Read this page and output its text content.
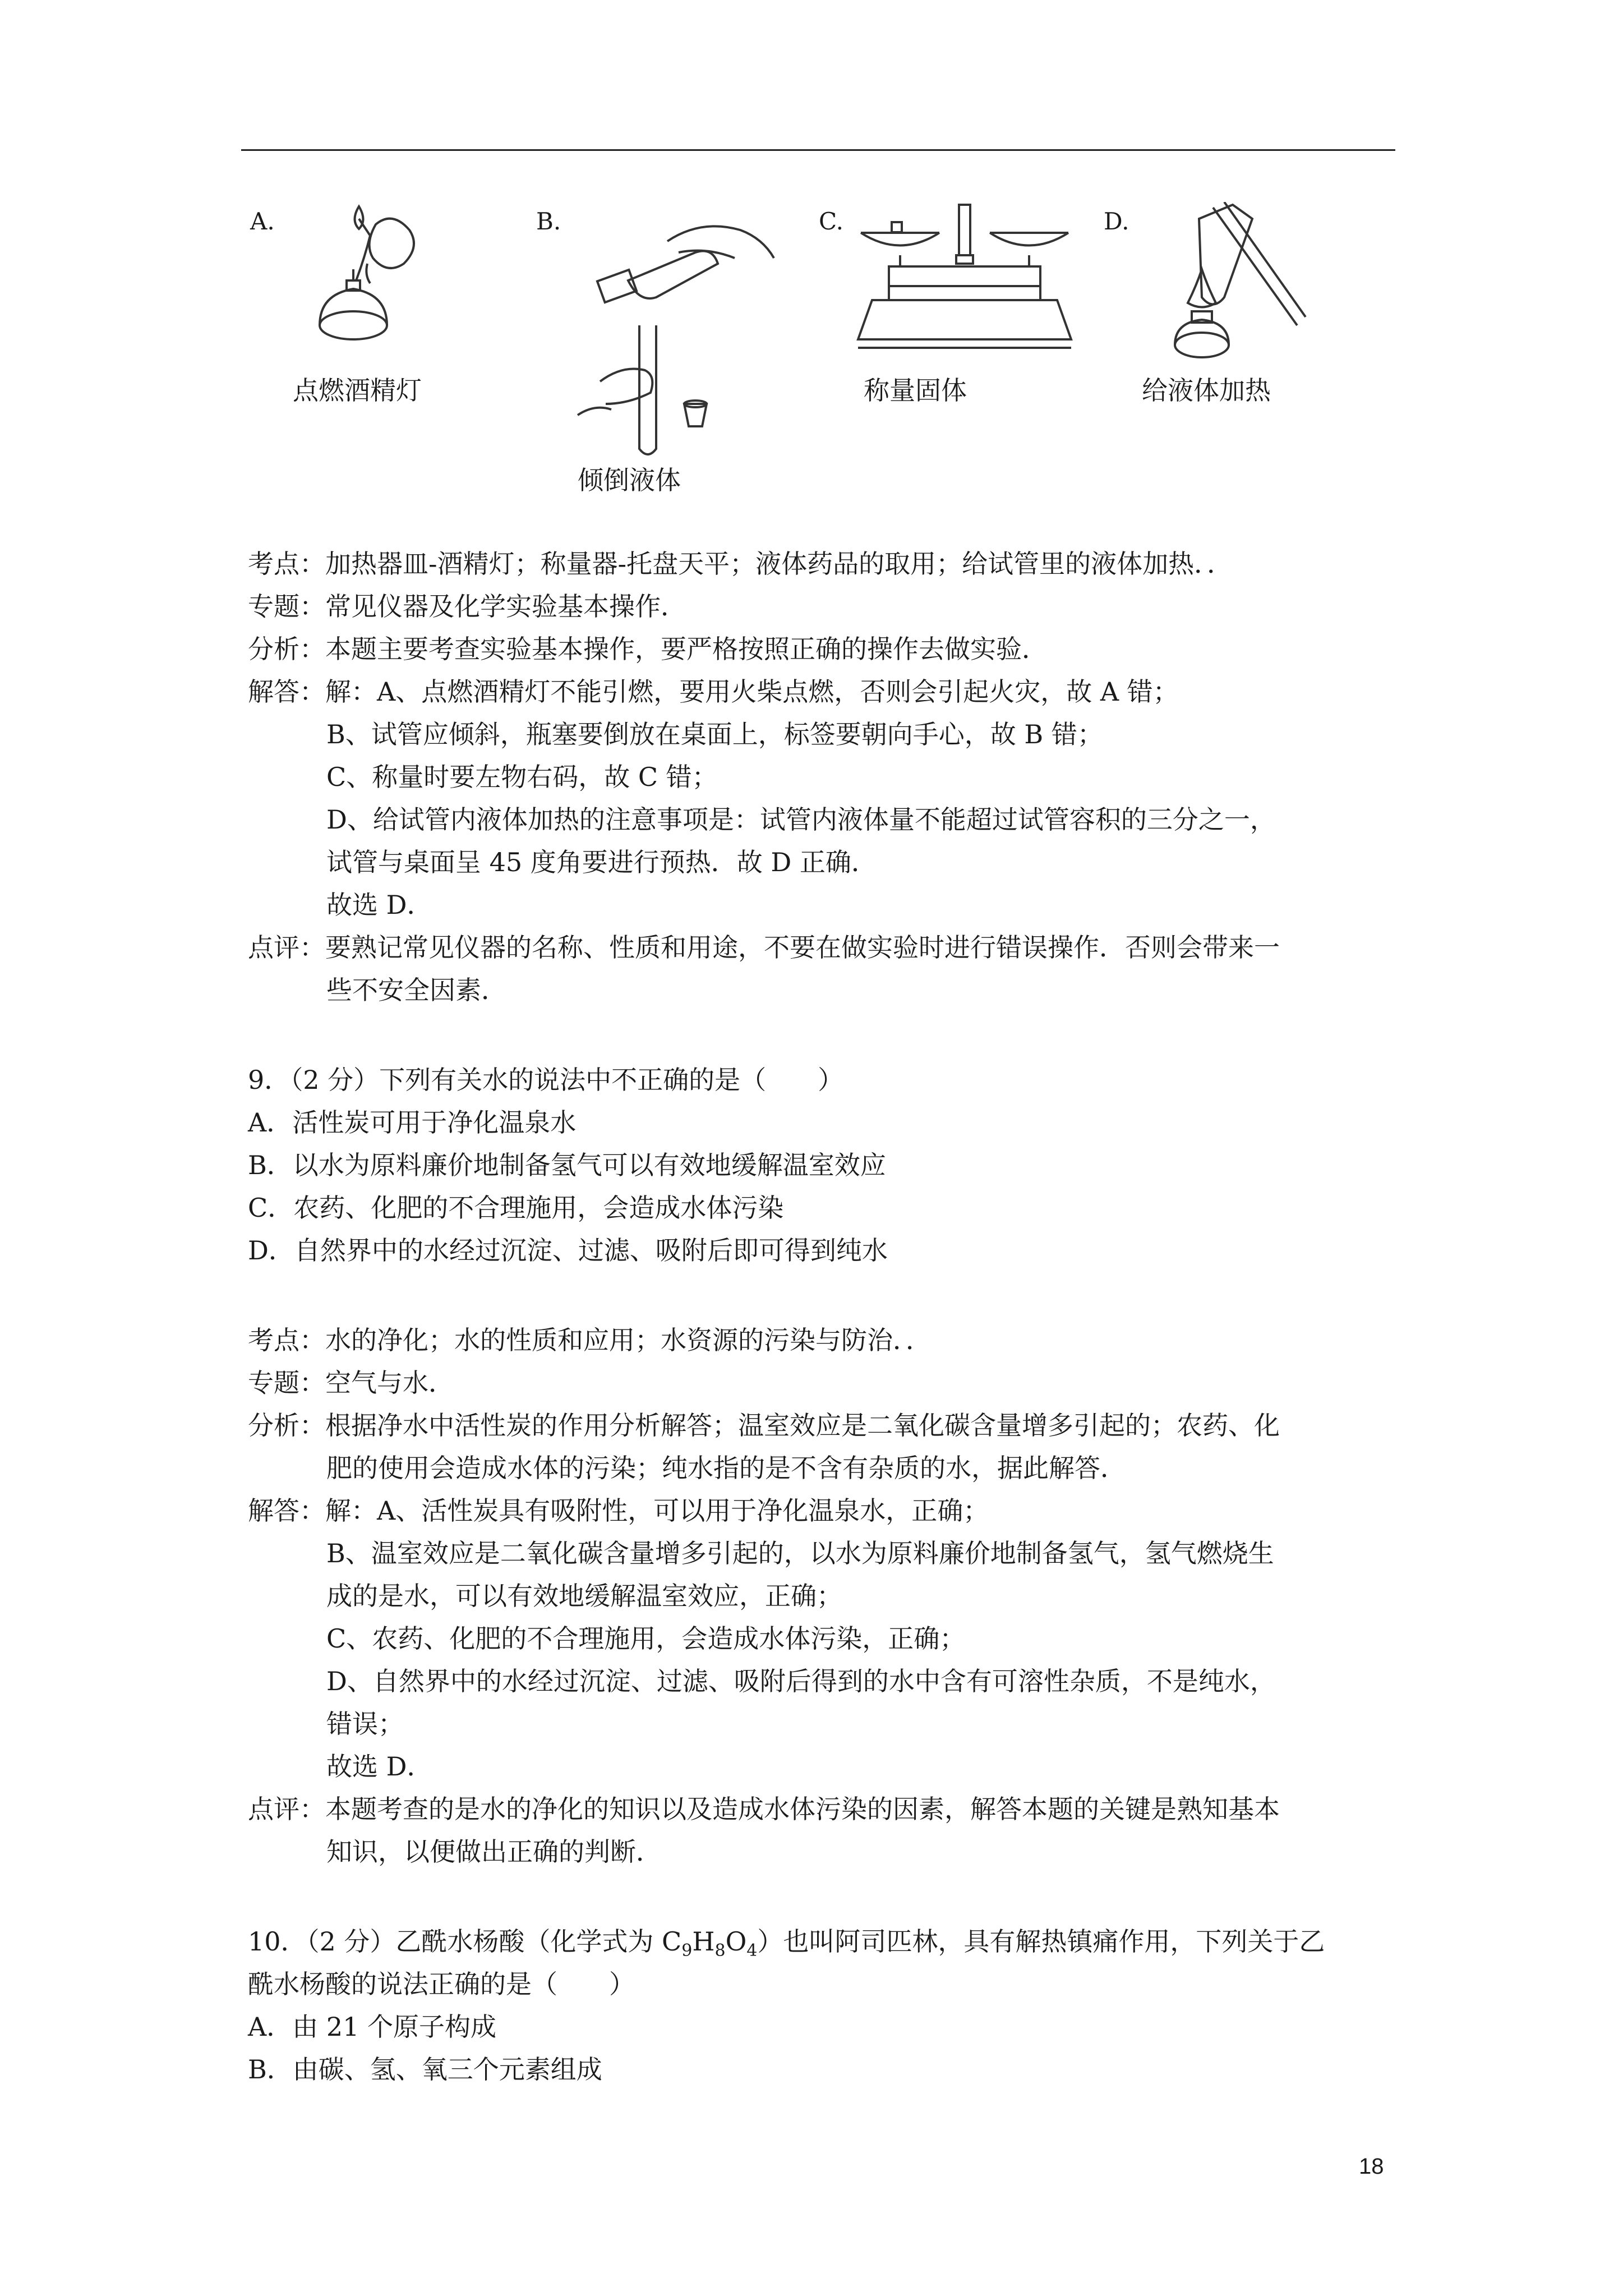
A.
点燃酒精灯
B.
倾倒液体
C.
称量固体
D.
给液体加热
考点：加热器皿-酒精灯；称量器-托盘天平；液体药品的取用；给试管里的液体加热．．
专题：常见仪器及化学实验基本操作．
分析：本题主要考查实验基本操作，要严格按照正确的操作去做实验．
解答：解：A、点燃酒精灯不能引燃，要用火柴点燃，否则会引起火灾，故 A 错；
B、试管应倾斜，瓶塞要倒放在桌面上，标签要朝向手心，故 B 错；
C、称量时要左物右码，故 C 错；
D、给试管内液体加热的注意事项是：试管内液体量不能超过试管容积的三分之一，
试管与桌面呈 45 度角要进行预热．故 D 正确．
故选 D．
点评：要熟记常见仪器的名称、性质和用途，不要在做实验时进行错误操作．否则会带来一
些不安全因素．
9．（2 分）下列有关水的说法中不正确的是（　　）
A．活性炭可用于净化温泉水
B．以水为原料廉价地制备氢气可以有效地缓解温室效应
C．农药、化肥的不合理施用，会造成水体污染
D．自然界中的水经过沉淀、过滤、吸附后即可得到纯水
考点：水的净化；水的性质和应用；水资源的污染与防治．．
专题：空气与水．
分析：根据净水中活性炭的作用分析解答；温室效应是二氧化碳含量增多引起的；农药、化
肥的使用会造成水体的污染；纯水指的是不含有杂质的水，据此解答．
解答：解：A、活性炭具有吸附性，可以用于净化温泉水，正确；
B、温室效应是二氧化碳含量增多引起的，以水为原料廉价地制备氢气，氢气燃烧生
成的是水，可以有效地缓解温室效应，正确；
C、农药、化肥的不合理施用，会造成水体污染，正确；
D、自然界中的水经过沉淀、过滤、吸附后得到的水中含有可溶性杂质，不是纯水，
错误；
故选 D．
点评：本题考查的是水的净化的知识以及造成水体污染的因素，解答本题的关键是熟知基本
知识，以便做出正确的判断．
10．（2 分）乙酰水杨酸（化学式为 $C_9H_8O_4$）也叫阿司匹林，具有解热镇痛作用，下列关于乙
酰水杨酸的说法正确的是（　　）
A．由 21 个原子构成
B．由碳、氢、氧三个元素组成
18
